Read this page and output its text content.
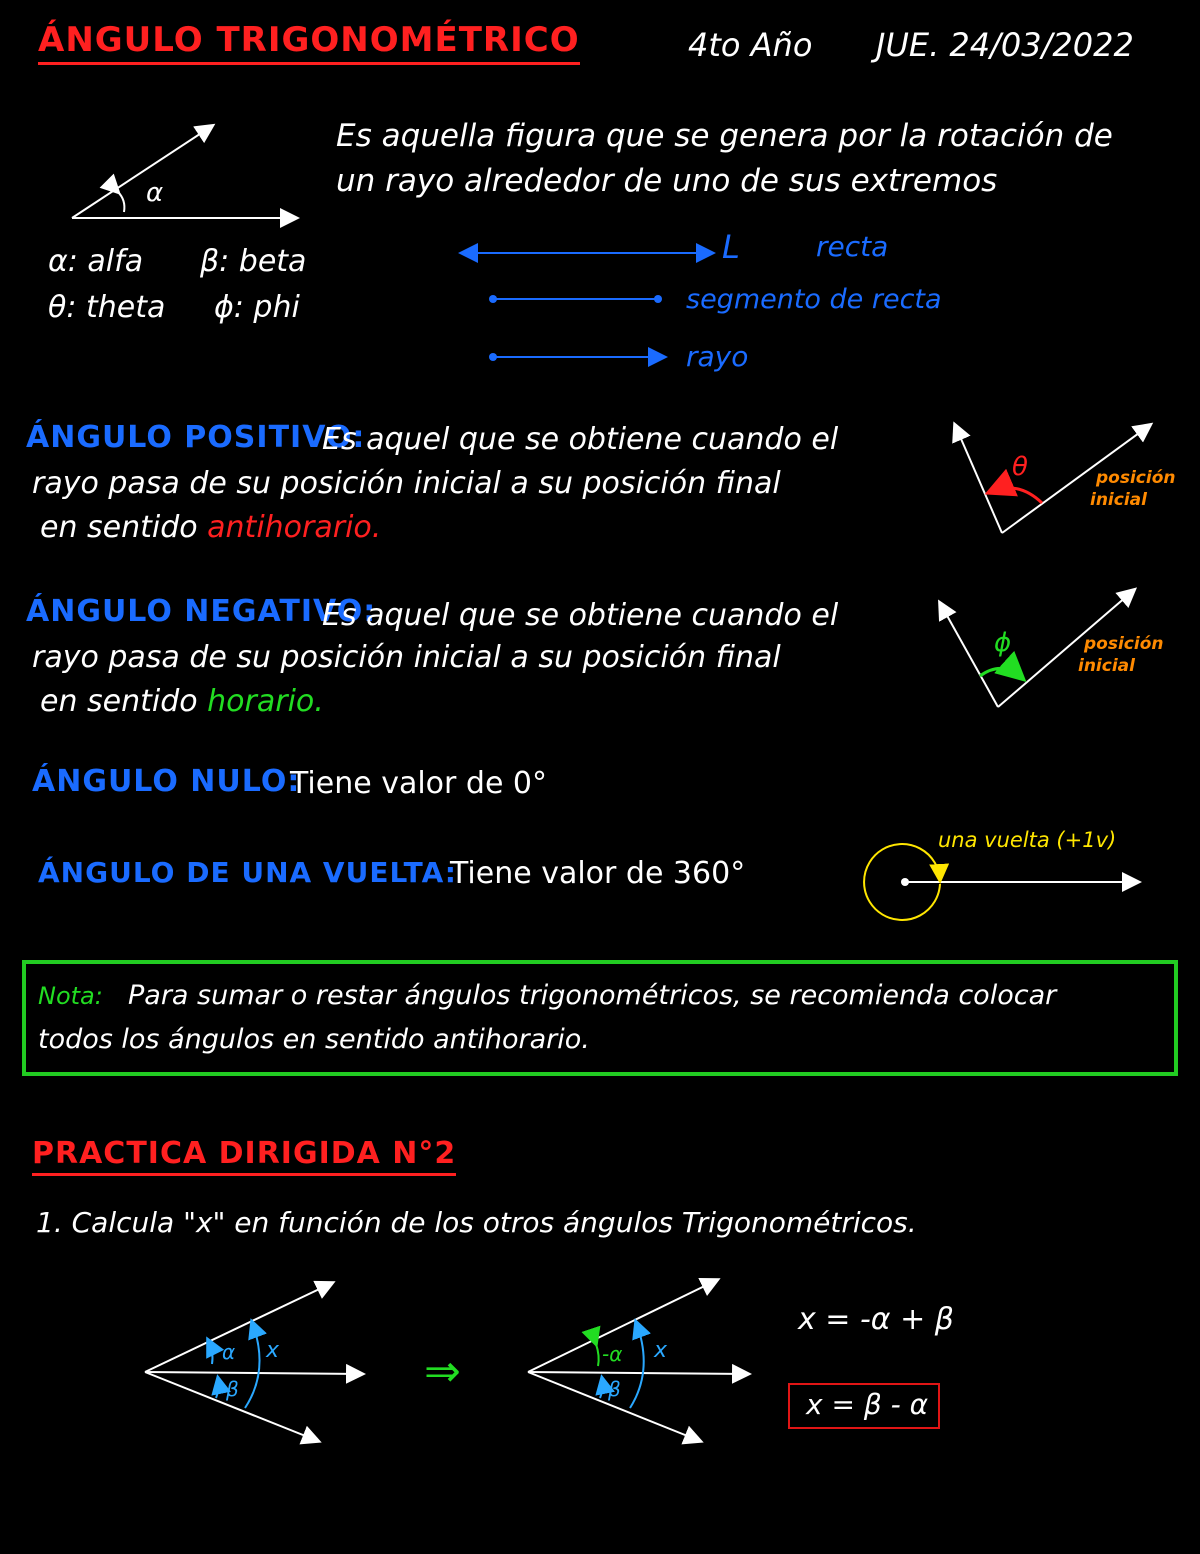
ÁNGULO TRIGONOMÉTRICO	4to Año JUE. 24/03/2022
α
Es aquella figura que se genera por la rotación de
un rayo alrededor de uno de sus extremos
α: alfa β: beta
θ: theta ϕ: phi
L	recta
segmento de recta
rayo
ÁNGULO POSITIVO:
Es aquel que se obtiene cuando el
rayo pasa de su posición inicial a su posición final
en sentido antihorario.
θ	posición
inicial
ÁNGULO NEGATIVO:
Es aquel que se obtiene cuando el
rayo pasa de su posición inicial a su posición final
en sentido horario.
ϕ	posición
inicial
ÁNGULO NULO:
Tiene valor de 0°
ÁNGULO DE UNA VUELTA:
Tiene valor de 360°
una vuelta (+1v)
Nota: Para sumar o restar ángulos trigonométricos, se recomienda colocar
todos los ángulos en sentido antihorario.
PRACTICA DIRIGIDA N°2
1. Calcula "x" en función de los otros ángulos Trigonométricos.
α
β
x	⇒	-α
β
x
x = -α + β
x = β - α
